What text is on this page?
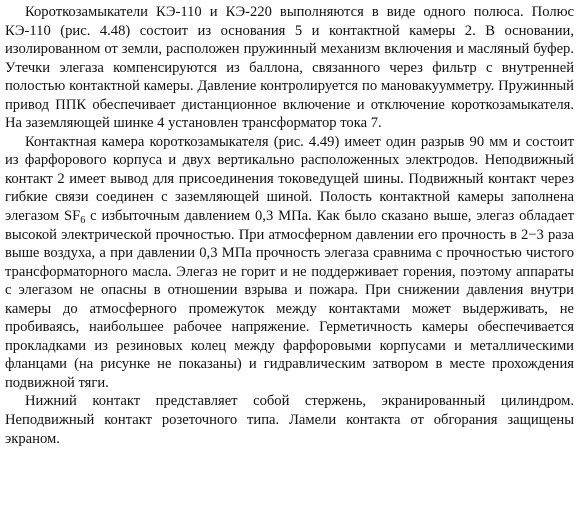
Короткозамыкатели КЭ-110 и КЭ-220 выполняются в виде одного полюса. Полюс КЭ-110 (рис. 4.48) состоит из основания 5 и контактной камеры 2. В основании, изолированном от земли, расположен пружинный механизм включения и масляный буфер. Утечки элегаза компенсируются из баллона, связанного через фильтр с внутренней полостью контактной камеры. Давление контролируется по мановакуумметру. Пружинный привод ППК обеспечивает дистанционное включение и отключение короткозамыкателя. На заземляющей шинке 4 установлен трансформатор тока 7.

Контактная камера короткозамыкателя (рис. 4.49) имеет один разрыв 90 мм и состоит из фарфорового корпуса и двух вертикально расположенных электродов. Неподвижный контакт 2 имеет вывод для присоединения токоведущей шины. Подвижный контакт через гибкие связи соединен с заземляющей шиной. Полость контактной камеры заполнена элегазом $SF_6$ с избыточным давлением 0,3 МПа. Как было сказано выше, элегаз обладает высокой электрической прочностью. При атмосферном давлении его прочность в 2−3 раза выше воздуха, а при давлении 0,3 МПа прочность элегаза сравнима с прочностью чистого трансформаторного масла. Элегаз не горит и не поддерживает горения, поэтому аппараты с элегазом не опасны в отношении взрыва и пожара. При снижении давления внутри камеры до атмосферного промежуток между контактами может выдерживать, не пробиваясь, наибольшее рабочее напряжение. Герметичность камеры обеспечивается прокладками из резиновых колец между фарфоровыми корпусами и металлическими фланцами (на рисунке не показаны) и гидравлическим затвором в месте прохождения подвижной тяги.

Нижний контакт представляет собой стержень, экранированный цилиндром. Неподвижный контакт розеточного типа. Ламели контакта от обгорания защищены экраном.
